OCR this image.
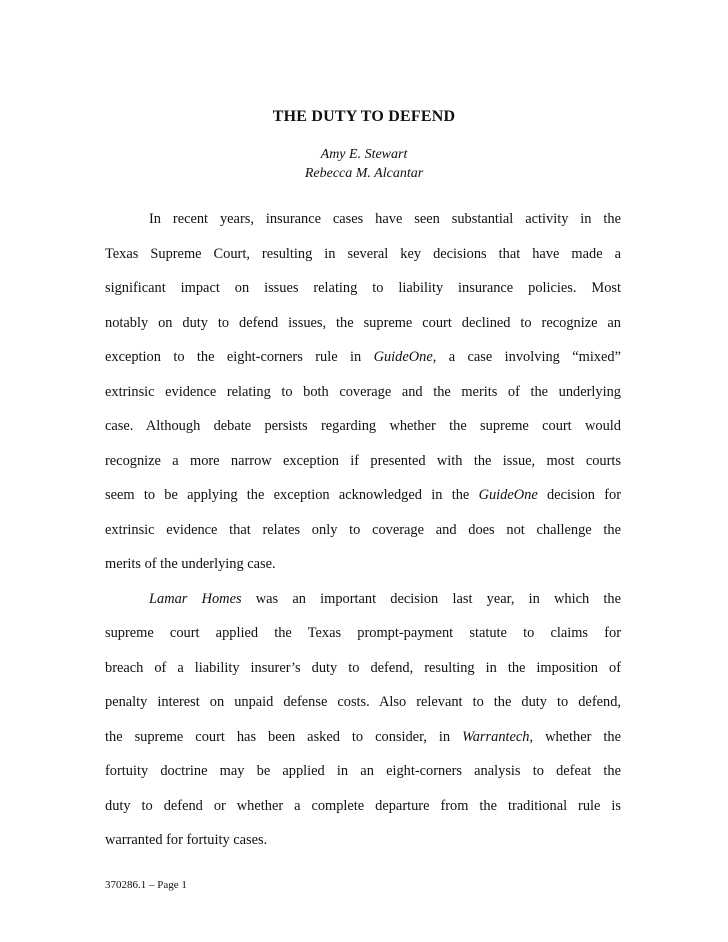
THE DUTY TO DEFEND
Amy E. Stewart
Rebecca M. Alcantar
In recent years, insurance cases have seen substantial activity in the
Texas Supreme Court, resulting in several key decisions that have made a
significant impact on issues relating to liability insurance policies. Most
notably on duty to defend issues, the supreme court declined to recognize an
exception to the eight-corners rule in GuideOne, a case involving “mixed”
extrinsic evidence relating to both coverage and the merits of the underlying
case. Although debate persists regarding whether the supreme court would
recognize a more narrow exception if presented with the issue, most courts
seem to be applying the exception acknowledged in the GuideOne decision for
extrinsic evidence that relates only to coverage and does not challenge the
merits of the underlying case.
Lamar Homes was an important decision last year, in which the
supreme court applied the Texas prompt-payment statute to claims for
breach of a liability insurer’s duty to defend, resulting in the imposition of
penalty interest on unpaid defense costs. Also relevant to the duty to defend,
the supreme court has been asked to consider, in Warrantech, whether the
fortuity doctrine may be applied in an eight-corners analysis to defeat the
duty to defend or whether a complete departure from the traditional rule is
warranted for fortuity cases.
370286.1 – Page 1
